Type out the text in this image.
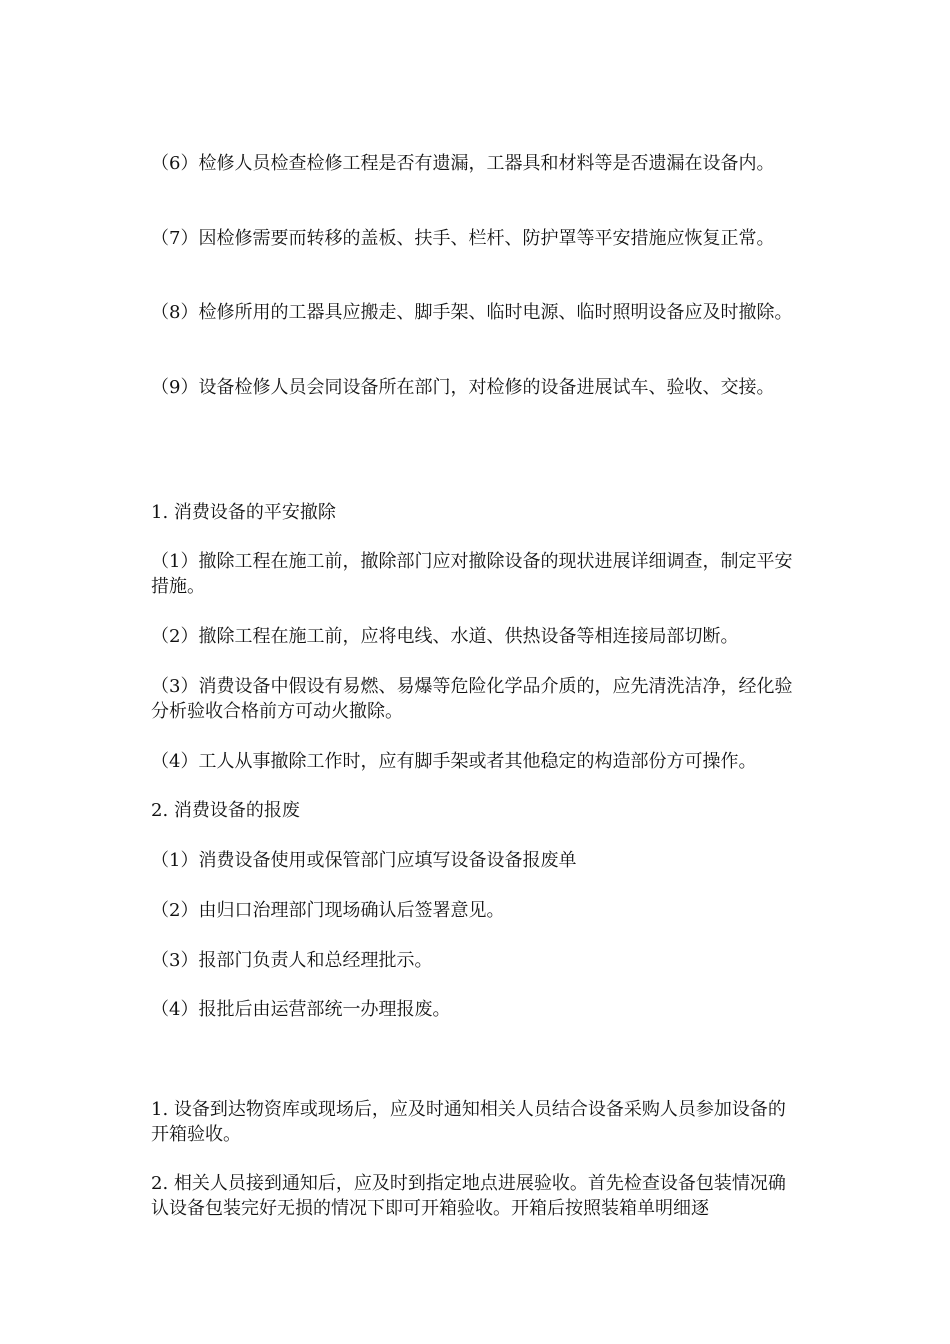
（6）检修人员检查检修工程是否有遗漏，工器具和材料等是否遗漏在设备内。

（7）因检修需要而转移的盖板、扶手、栏杆、防护罩等平安措施应恢复正常。

（8）检修所用的工器具应搬走、脚手架、临时电源、临时照明设备应及时撤除。

（9）设备检修人员会同设备所在部门，对检修的设备进展试车、验收、交接。

1. 消费设备的平安撤除

（1）撤除工程在施工前，撤除部门应对撤除设备的现状进展详细调查，制定平安措施。

（2）撤除工程在施工前，应将电线、水道、供热设备等相连接局部切断。

（3）消费设备中假设有易燃、易爆等危险化学品介质的，应先清洗洁净，经化验分析验收合格前方可动火撤除。

（4）工人从事撤除工作时，应有脚手架或者其他稳定的构造部份方可操作。

2. 消费设备的报废

（1）消费设备使用或保管部门应填写设备设备报废单

（2）由归口治理部门现场确认后签署意见。

（3）报部门负责人和总经理批示。

（4）报批后由运营部统一办理报废。

1. 设备到达物资库或现场后，应及时通知相关人员结合设备采购人员参加设备的开箱验收。

2. 相关人员接到通知后，应及时到指定地点进展验收。首先检查设备包装情况确认设备包装完好无损的情况下即可开箱验收。开箱后按照装箱单明细逐
